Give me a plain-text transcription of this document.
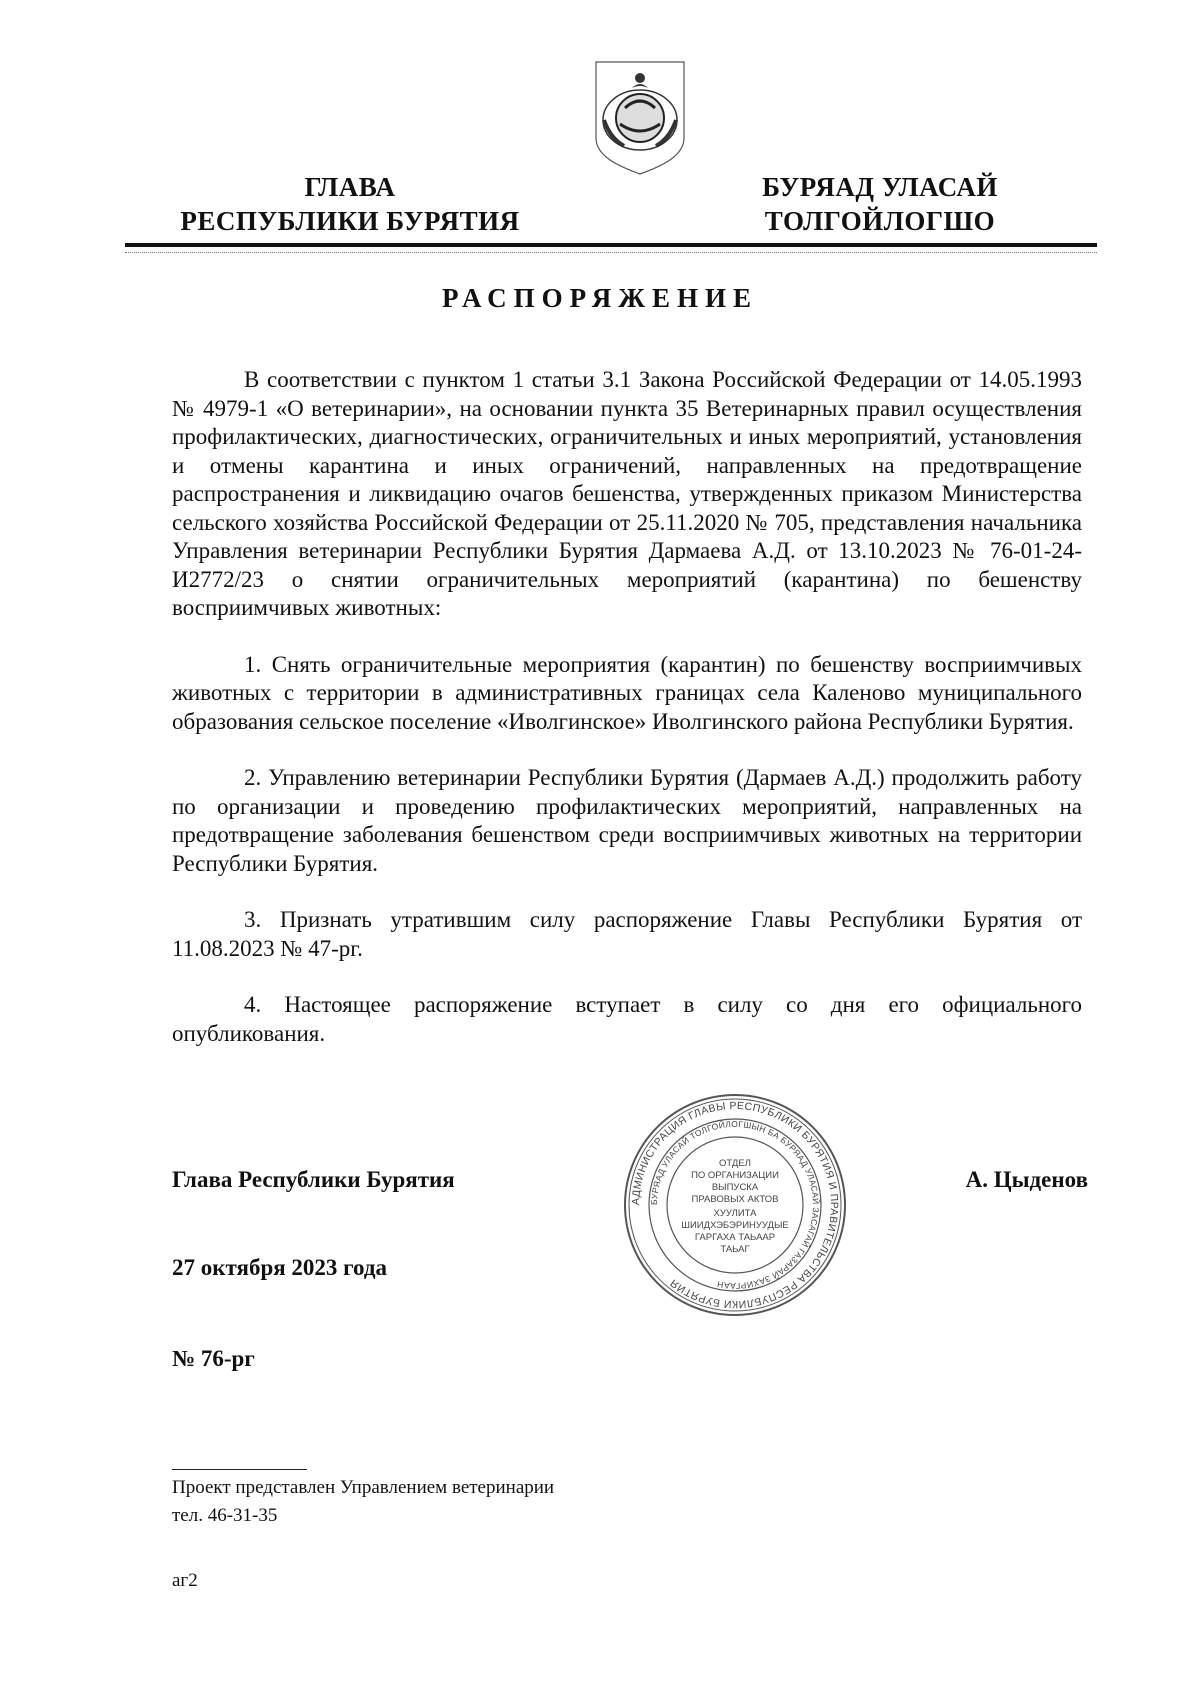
ГЛАВА
РЕСПУБЛИКИ БУРЯТИЯ
БУРЯАД УЛАСАЙ
ТОЛГОЙЛОГШО
РАСПОРЯЖЕНИЕ

В соответствии с пунктом 1 статьи 3.1 Закона Российской Федерации от 14.05.1993 № 4979-1 «О ветеринарии», на основании пункта 35 Ветеринарных правил осуществления профилактических, диагностических, ограничительных и иных мероприятий, установления и отмены карантина и иных ограничений, направленных на предотвращение распространения и ликвидацию очагов бешенства, утвержденных приказом Министерства сельского хозяйства Российской Федерации от 25.11.2020 № 705, представления начальника Управления ветеринарии Республики Бурятия Дармаева А.Д. от 13.10.2023 № 76-01-24-И2772/23 о снятии ограничительных мероприятий (карантина) по бешенству восприимчивых животных:

1. Снять ограничительные мероприятия (карантин) по бешенству восприимчивых животных с территории в административных границах села Каленово муниципального образования сельское поселение «Иволгинское» Иволгинского района Республики Бурятия.

2. Управлению ветеринарии Республики Бурятия (Дармаев А.Д.) продолжить работу по организации и проведению профилактических мероприятий, направленных на предотвращение заболевания бешенством среди восприимчивых животных на территории Республики Бурятия.

3. Признать утратившим силу распоряжение Главы Республики Бурятия от 11.08.2023 № 47-рг.

4. Настоящее распоряжение вступает в силу со дня его официального опубликования.

АДМИНИСТРАЦИЯ ГЛАВЫ РЕСПУБЛИКИ БУРЯТИЯ И ПРАВИТЕЛЬСТВА РЕСПУБЛИКИ БУРЯТИЯ
БУРЯАД УЛАСАЙ ТОЛГОЙЛОГШЫН БА БУРЯАД УЛАСАЙ ЗАСАГАЙ ГАЗАРАЙ ЗАХИРГААН
ОТДЕЛ
ПО ОРГАНИЗАЦИИ
ВЫПУСКА
ПРАВОВЫХ АКТОВ
ХУУЛИТА
ШИИДХЭБЭРИНУУДЫЕ
ГАРГАХА ТАЬААР
ТАЬАГ
Глава Республики Бурятия	А. Цыденов
27 октября 2023 года
№ 76-рг
Проект представлен Управлением ветеринарии
тел. 46-31-35
аг2
